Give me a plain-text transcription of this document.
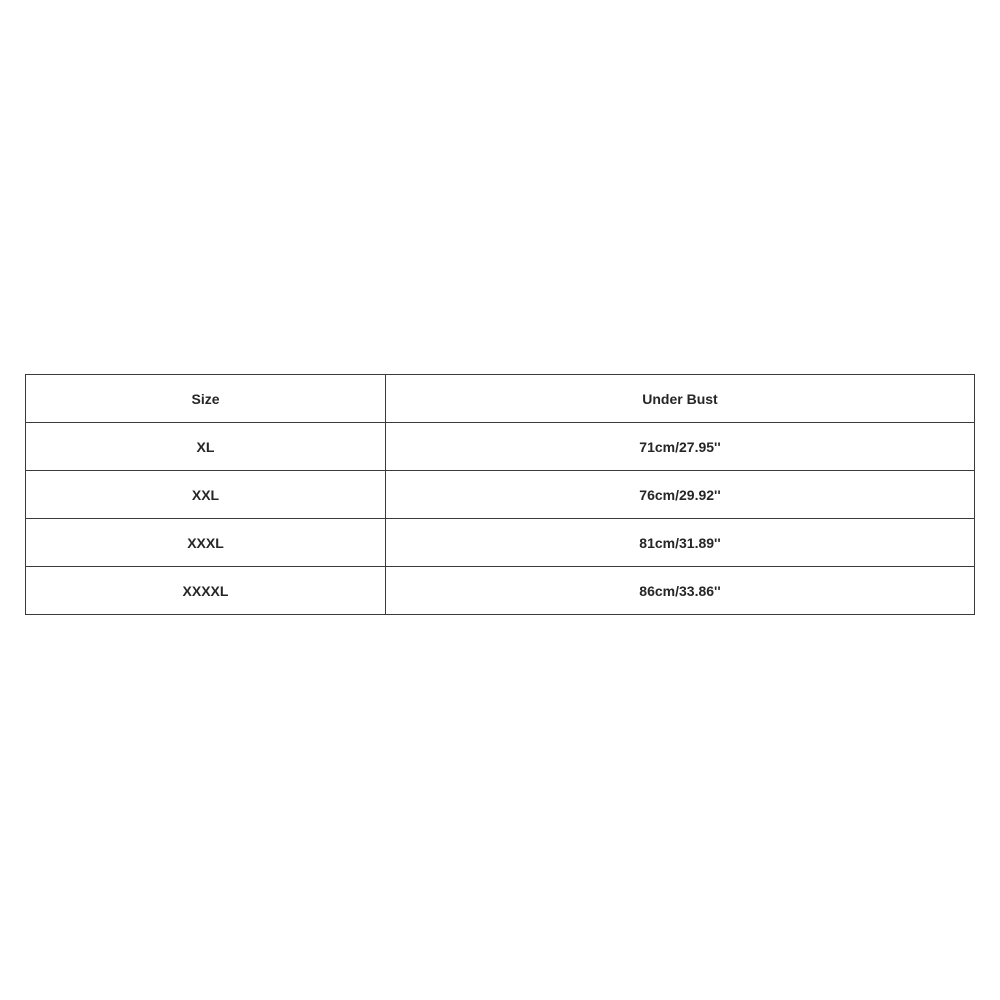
Size	Under Bust
XL	71cm/27.95''
XXL	76cm/29.92''
XXXL	81cm/31.89''
XXXXL	86cm/33.86''
